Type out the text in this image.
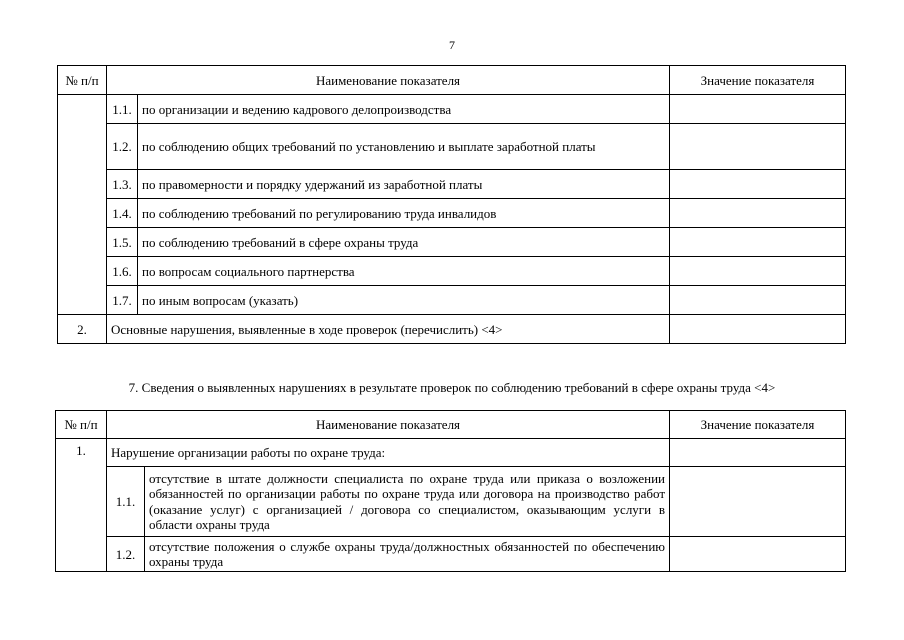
7
№ п/п	Наименование показателя		Значение показателя
	1.1.	по организации и ведению кадрового делопроизводства	
	1.2.	по соблюдению общих требований по установлению и выплате заработной платы	
	1.3.	по правомерности и порядку удержаний из заработной платы	
	1.4.	по соблюдению требований по регулированию труда инвалидов	
	1.5.	по соблюдению требований в сфере охраны труда	
	1.6.	по вопросам социального партнерства	
	1.7.	по иным вопросам (указать)	
2.	Основные нарушения, выявленные в ходе проверок (перечислить) <4>		
7. Сведения о выявленных нарушениях в результате проверок по соблюдению требований в сфере охраны труда <4>
№ п/п	Наименование показателя		Значение показателя
1.	Нарушение организации работы по охране труда:		
	1.1.	отсутствие в штате должности специалиста по охране труда или приказа о возложении обязанностей по организации работы по охране труда или договора на производство работ (оказание услуг) с организацией / договора со специалистом, оказывающим услуги в области охраны труда	
	1.2.	отсутствие положения о службе охраны труда/должностных обязанностей по обеспечению охраны труда	
